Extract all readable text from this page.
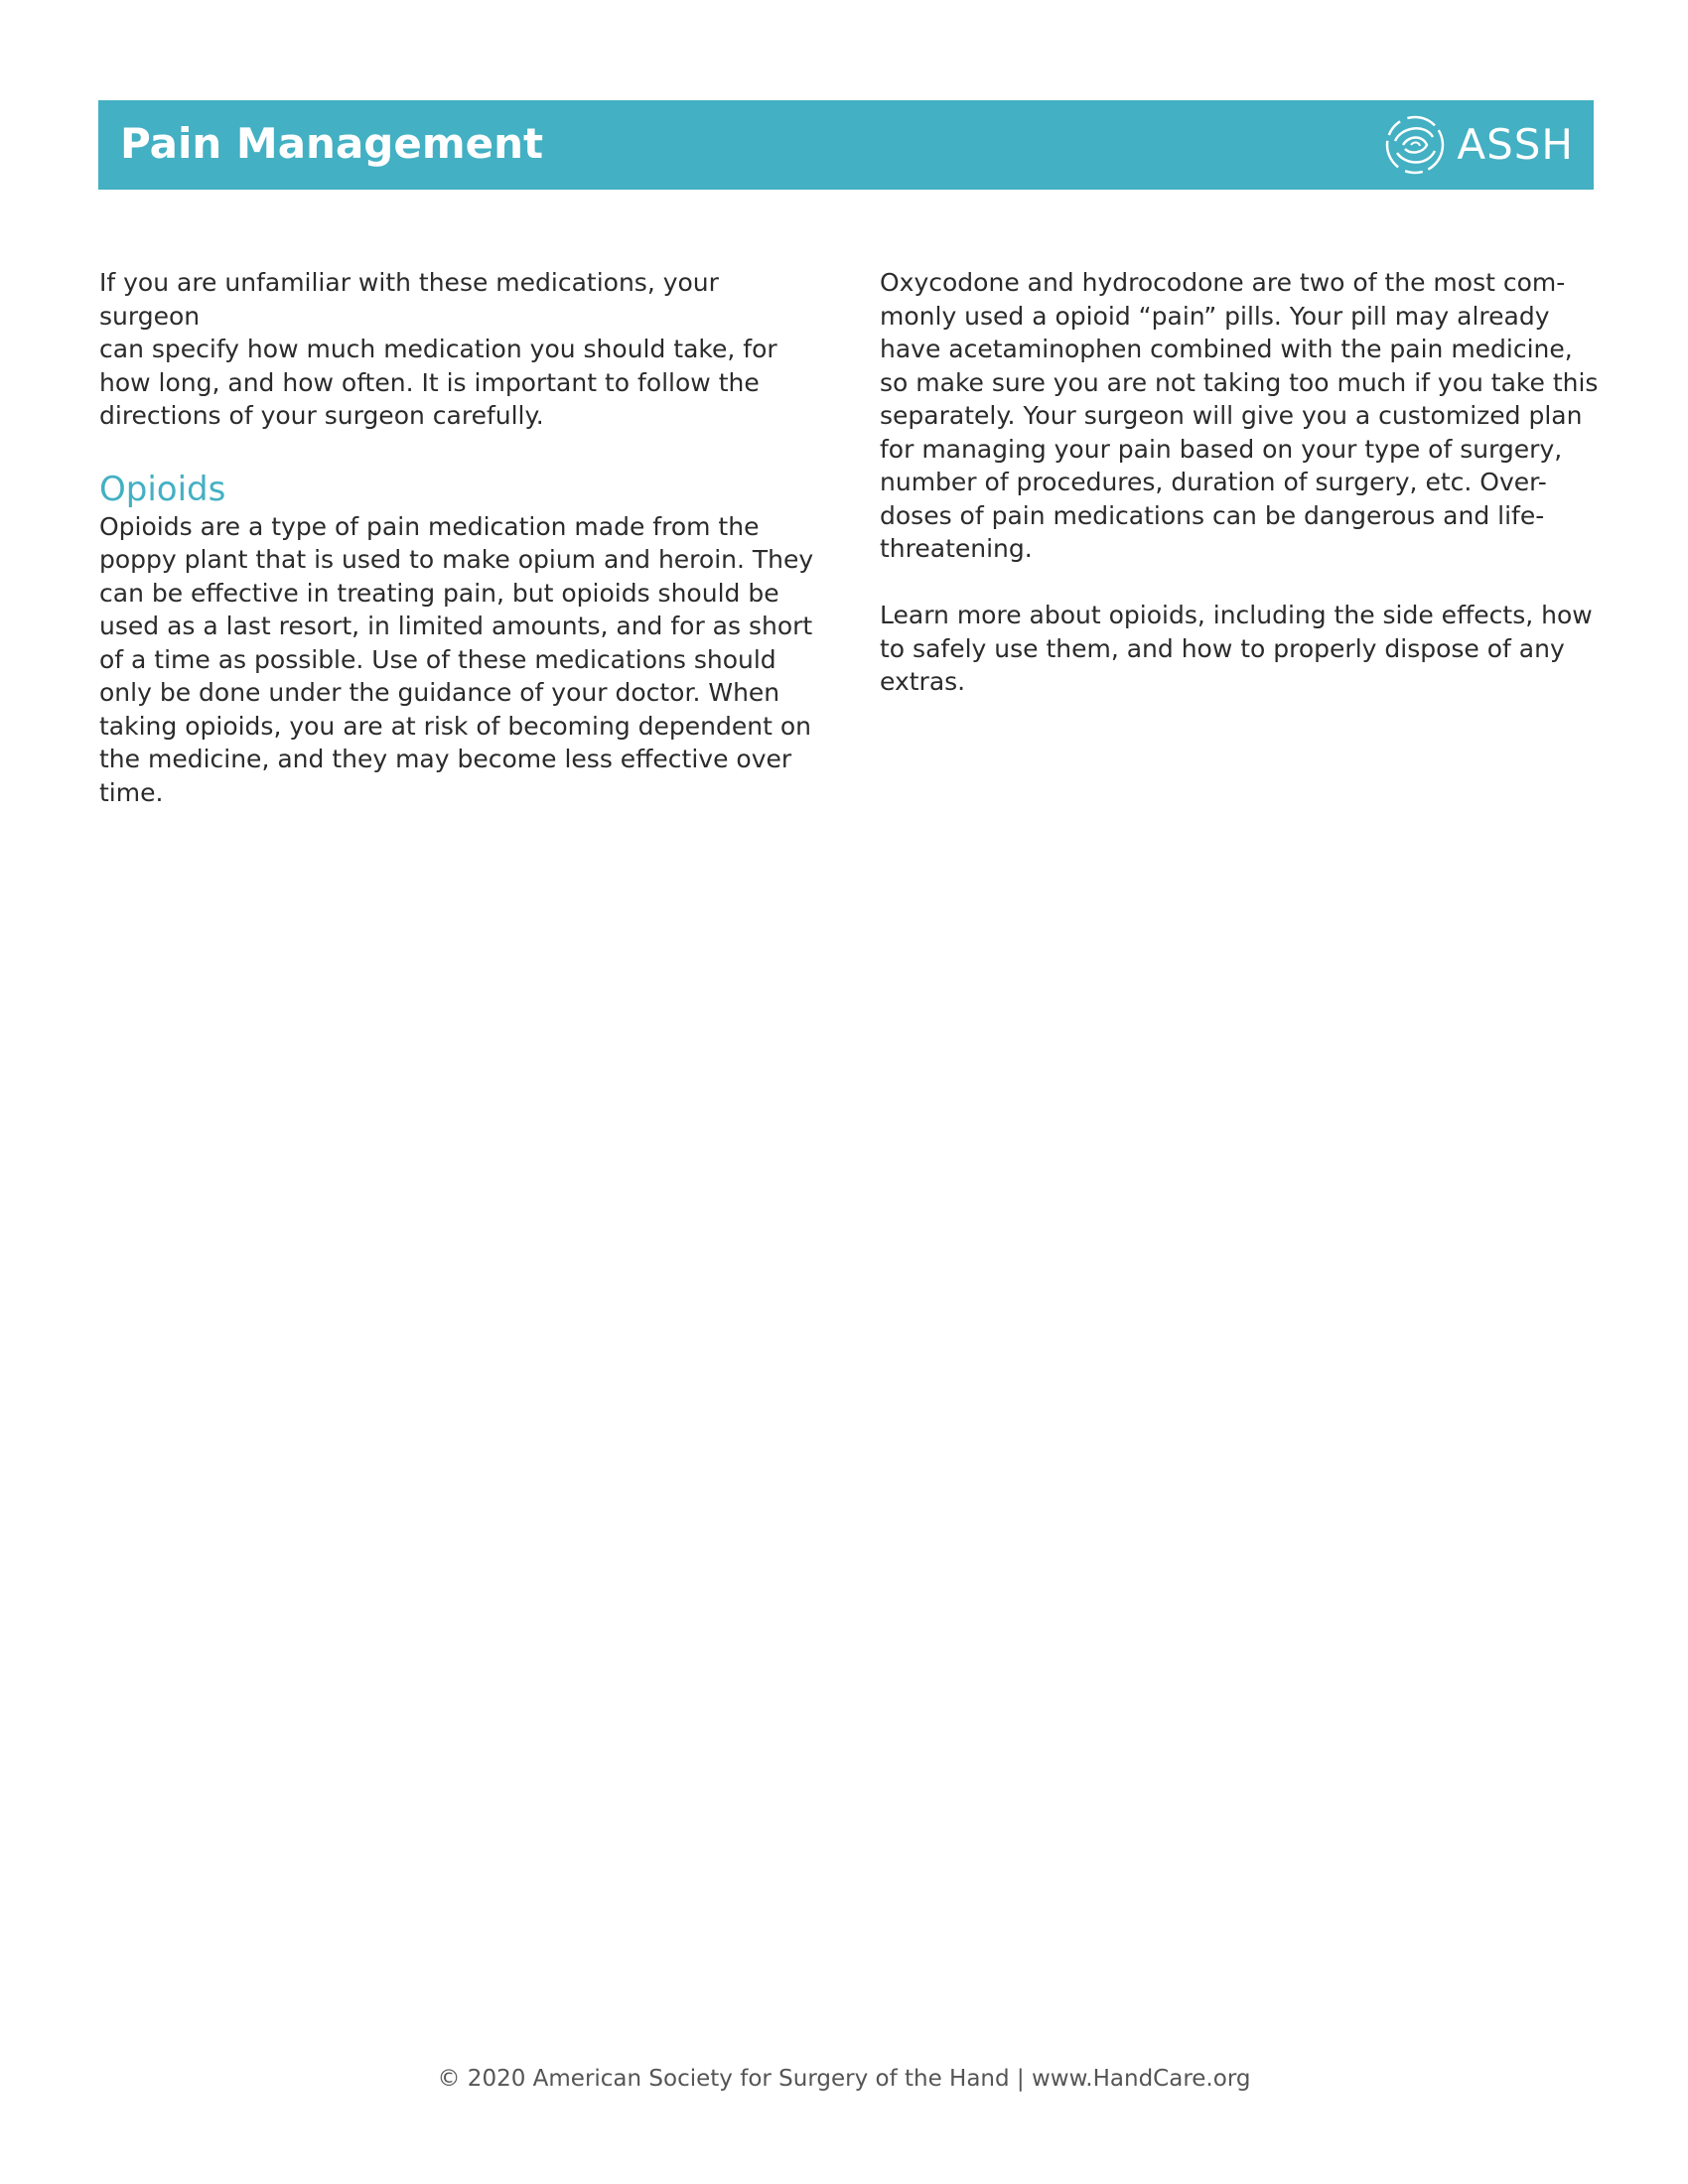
Pain Management	ASSH

If you are unfamiliar with these medications, your surgeon
can specify how much medication you should take, for
how long, and how often. It is important to follow the
directions of your surgeon carefully.

Opioids

Opioids are a type of pain medication made from the
poppy plant that is used to make opium and heroin. They
can be effective in treating pain, but opioids should be
used as a last resort, in limited amounts, and for as short
of a time as possible. Use of these medications should
only be done under the guidance of your doctor. When
taking opioids, you are at risk of becoming dependent on
the medicine, and they may become less effective over
time.

Oxycodone and hydrocodone are two of the most com-
monly used a opioid “pain” pills. Your pill may already
have acetaminophen combined with the pain medicine,
so make sure you are not taking too much if you take this
separately. Your surgeon will give you a customized plan
for managing your pain based on your type of surgery,
number of procedures, duration of surgery, etc. Over-
doses of pain medications can be dangerous and life-
threatening.

Learn more about opioids, including the side effects, how
to safely use them, and how to properly dispose of any
extras.

© 2020 American Society for Surgery of the Hand | www.HandCare.org
